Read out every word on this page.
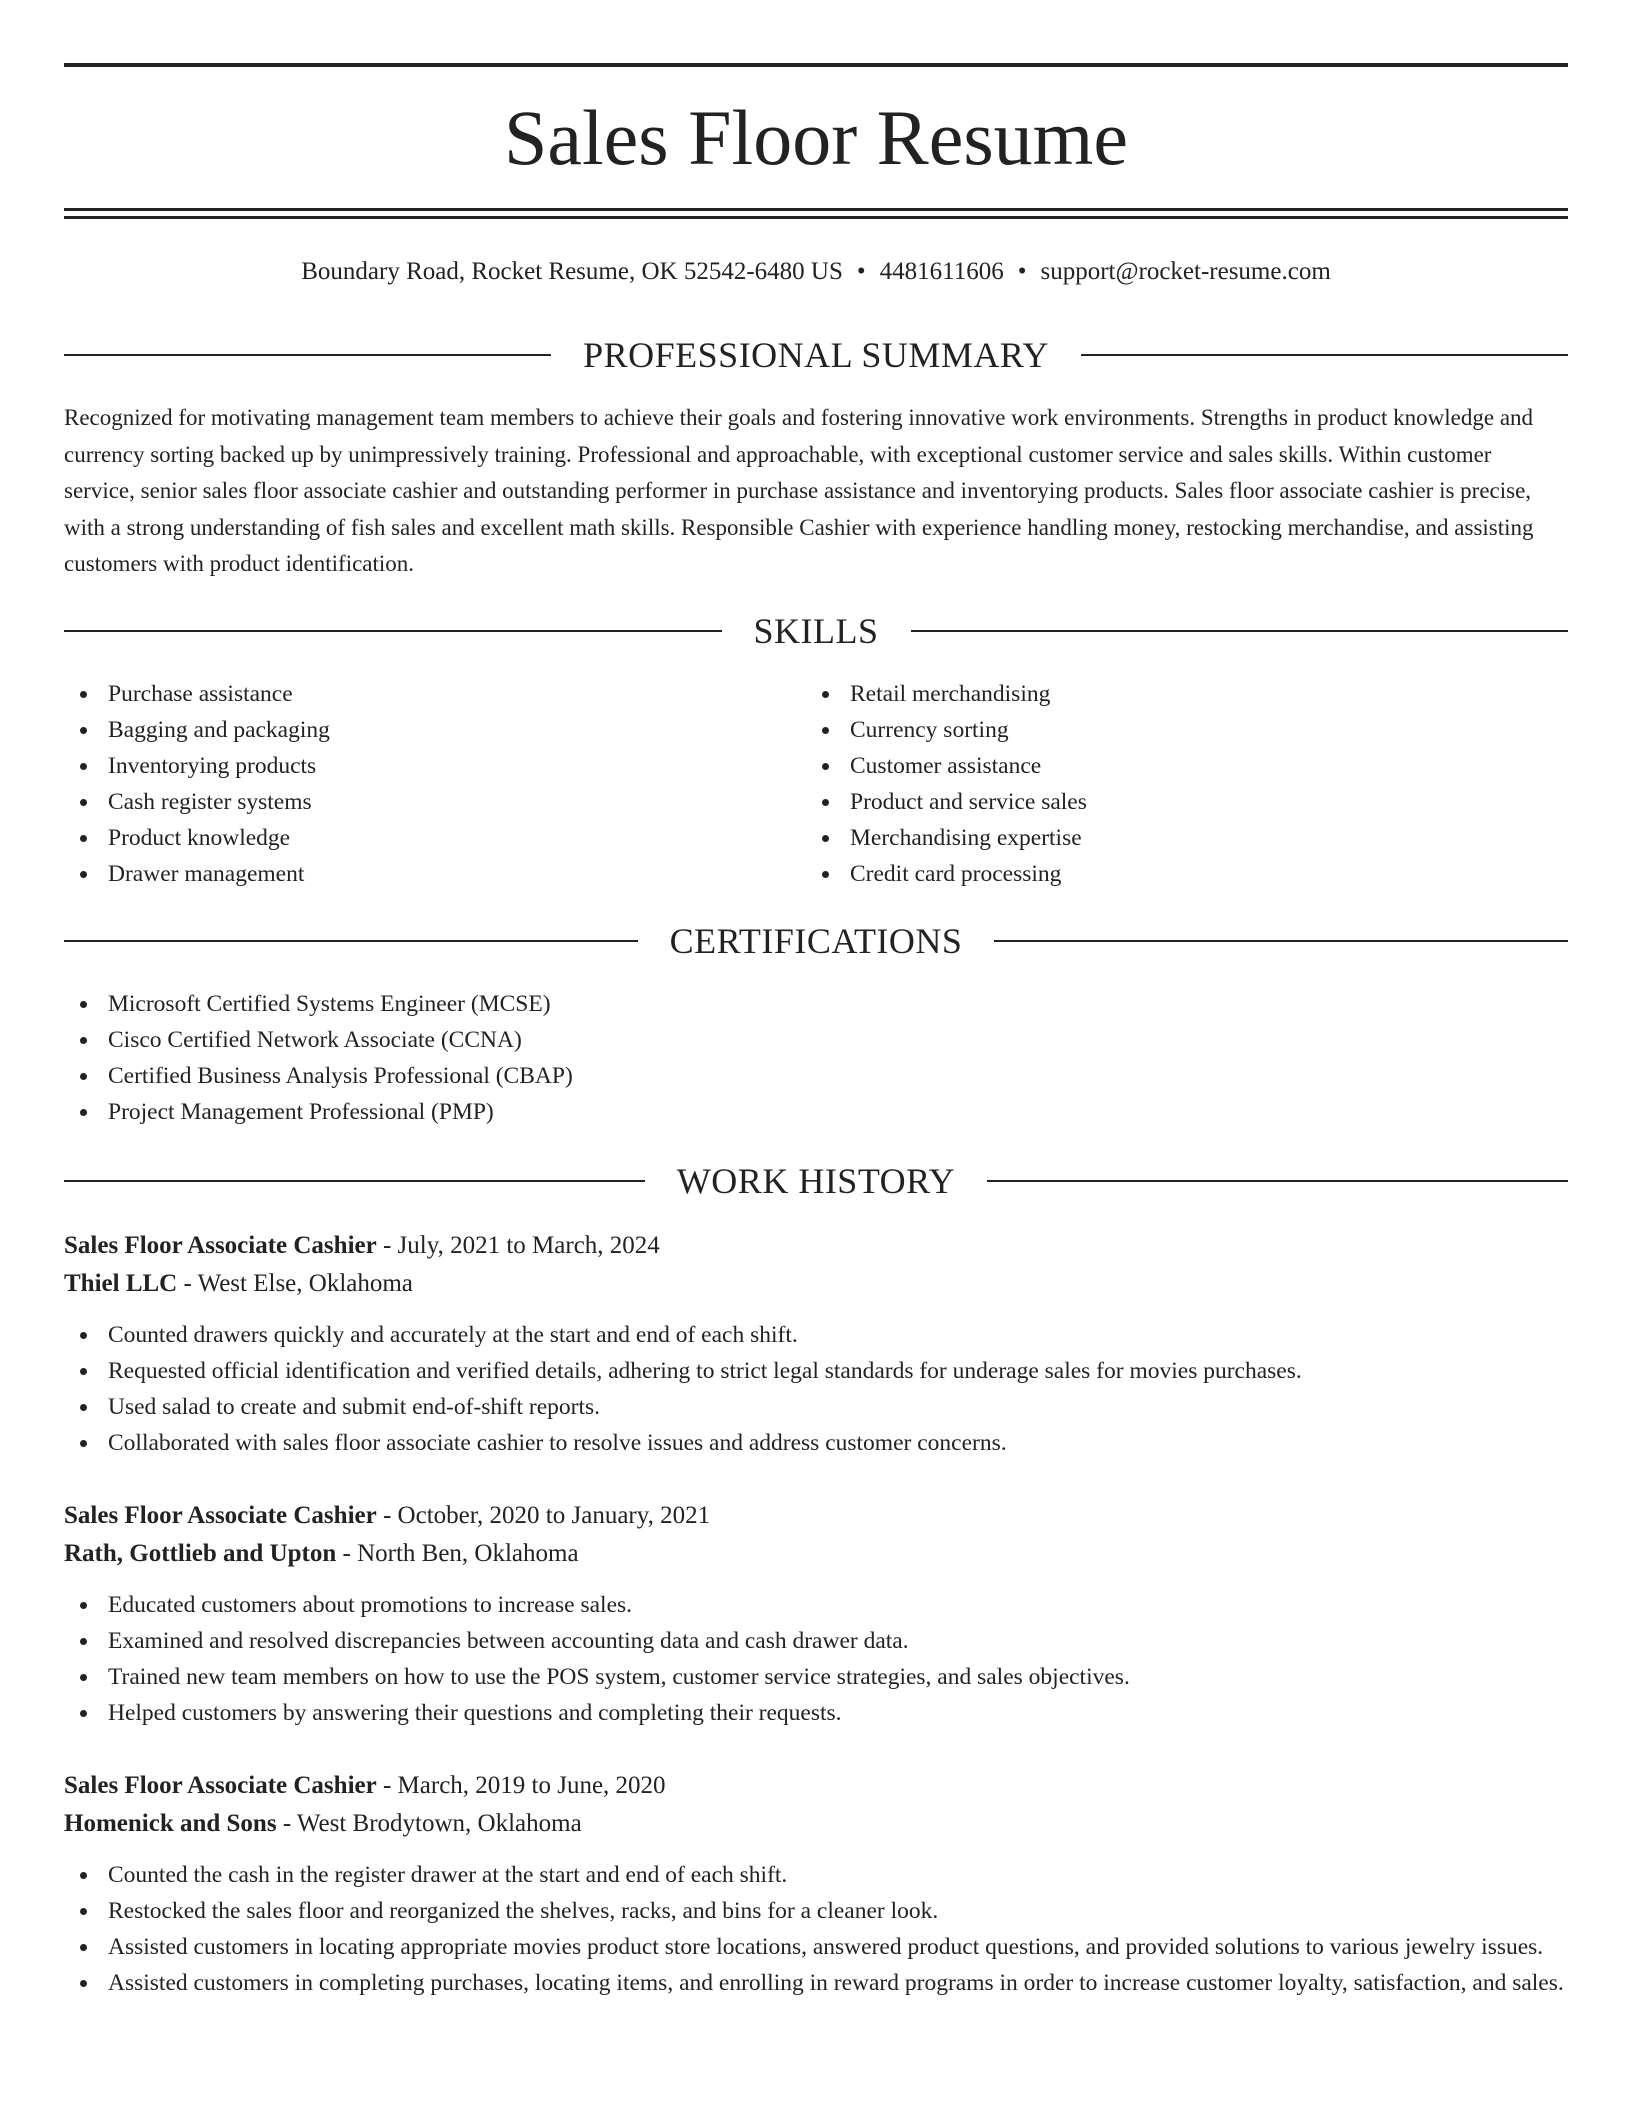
Sales Floor Resume
Boundary Road, Rocket Resume, OK 52542-6480 US • 4481611606 • support@rocket-resume.com
PROFESSIONAL SUMMARY

Recognized for motivating management team members to achieve their goals and fostering innovative work environments. Strengths in product knowledge and currency sorting backed up by unimpressively training. Professional and approachable, with exceptional customer service and sales skills. Within customer service, senior sales floor associate cashier and outstanding performer in purchase assistance and inventorying products. Sales floor associate cashier is precise, with a strong understanding of fish sales and excellent math skills. Responsible Cashier with experience handling money, restocking merchandise, and assisting customers with product identification.

SKILLS
Purchase assistance
Bagging and packaging
Inventorying products
Cash register systems
Product knowledge
Drawer management
Retail merchandising
Currency sorting
Customer assistance
Product and service sales
Merchandising expertise
Credit card processing
CERTIFICATIONS
Microsoft Certified Systems Engineer (MCSE)
Cisco Certified Network Associate (CCNA)
Certified Business Analysis Professional (CBAP)
Project Management Professional (PMP)
WORK HISTORY
Sales Floor Associate Cashier - July, 2021 to March, 2024
Thiel LLC - West Else, Oklahoma
Counted drawers quickly and accurately at the start and end of each shift.
Requested official identification and verified details, adhering to strict legal standards for underage sales for movies purchases.
Used salad to create and submit end-of-shift reports.
Collaborated with sales floor associate cashier to resolve issues and address customer concerns.
Sales Floor Associate Cashier - October, 2020 to January, 2021
Rath, Gottlieb and Upton - North Ben, Oklahoma
Educated customers about promotions to increase sales.
Examined and resolved discrepancies between accounting data and cash drawer data.
Trained new team members on how to use the POS system, customer service strategies, and sales objectives.
Helped customers by answering their questions and completing their requests.
Sales Floor Associate Cashier - March, 2019 to June, 2020
Homenick and Sons - West Brodytown, Oklahoma
Counted the cash in the register drawer at the start and end of each shift.
Restocked the sales floor and reorganized the shelves, racks, and bins for a cleaner look.
Assisted customers in locating appropriate movies product store locations, answered product questions, and provided solutions to various jewelry issues.
Assisted customers in completing purchases, locating items, and enrolling in reward programs in order to increase customer loyalty, satisfaction, and sales.
